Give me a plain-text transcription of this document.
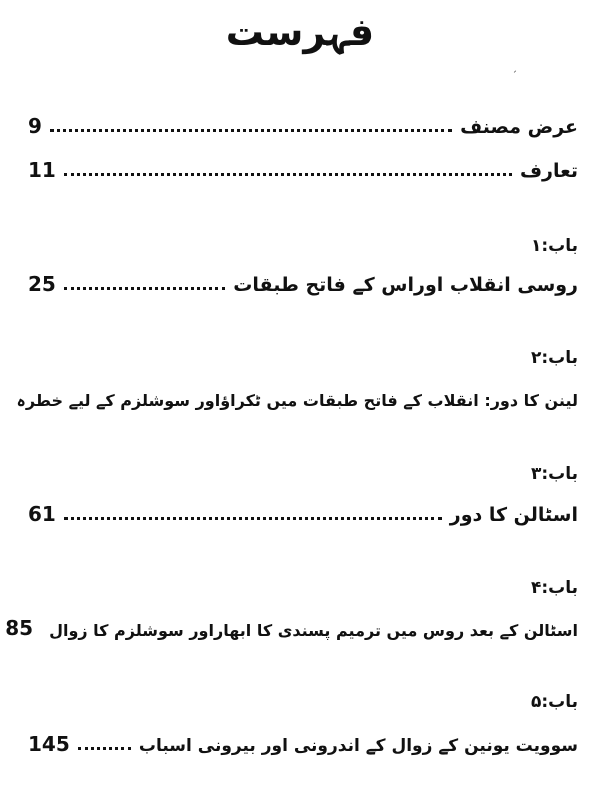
فہرست
ˏ
عرض مصنف
9
تعارف
11
باب:۱
روسی انقلاب اوراس کے فاتح طبقات
25
باب:۲
لینن کا دور: انقلاب کے فاتح طبقات میں ٹکراؤاور سوشلزم کے لیے خطرہ
باب:۳
اسٹالن کا دور
61
باب:۴
اسٹالن کے بعد روس میں ترمیم پسندی کا ابھاراور سوشلزم کا زوال
85
باب:۵
سوویت یونین کے زوال کے اندرونی اور بیرونی اسباب
145
